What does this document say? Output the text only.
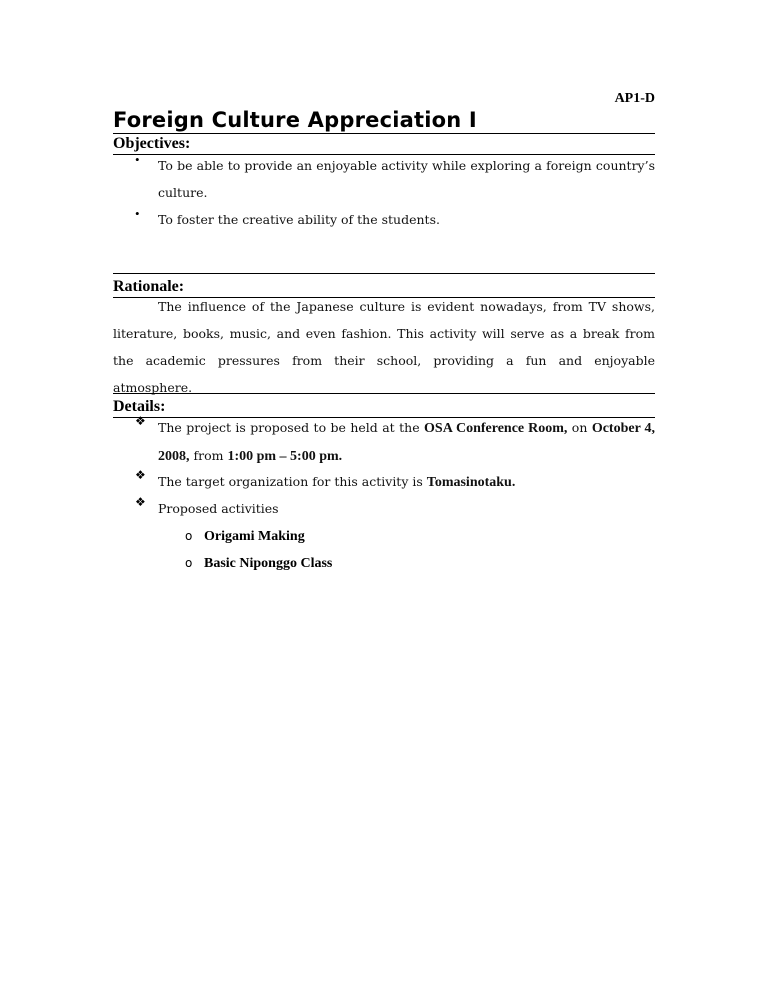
AP1-D
Foreign Culture Appreciation I
Objectives:
• To be able to provide an enjoyable activity while exploring a foreign country’s culture.
• To foster the creative ability of the students.
Rationale:
The influence of the Japanese culture is evident nowadays, from TV shows, literature, books, music, and even fashion. This activity will serve as a break from the academic pressures from their school, providing a fun and enjoyable atmosphere.
Details:
❖ The project is proposed to be held at the OSA Conference Room, on October 4, 2008, from 1:00 pm – 5:00 pm.
❖ The target organization for this activity is Tomasinotaku.
❖ Proposed activities
o Origami Making
o Basic Niponggo Class
